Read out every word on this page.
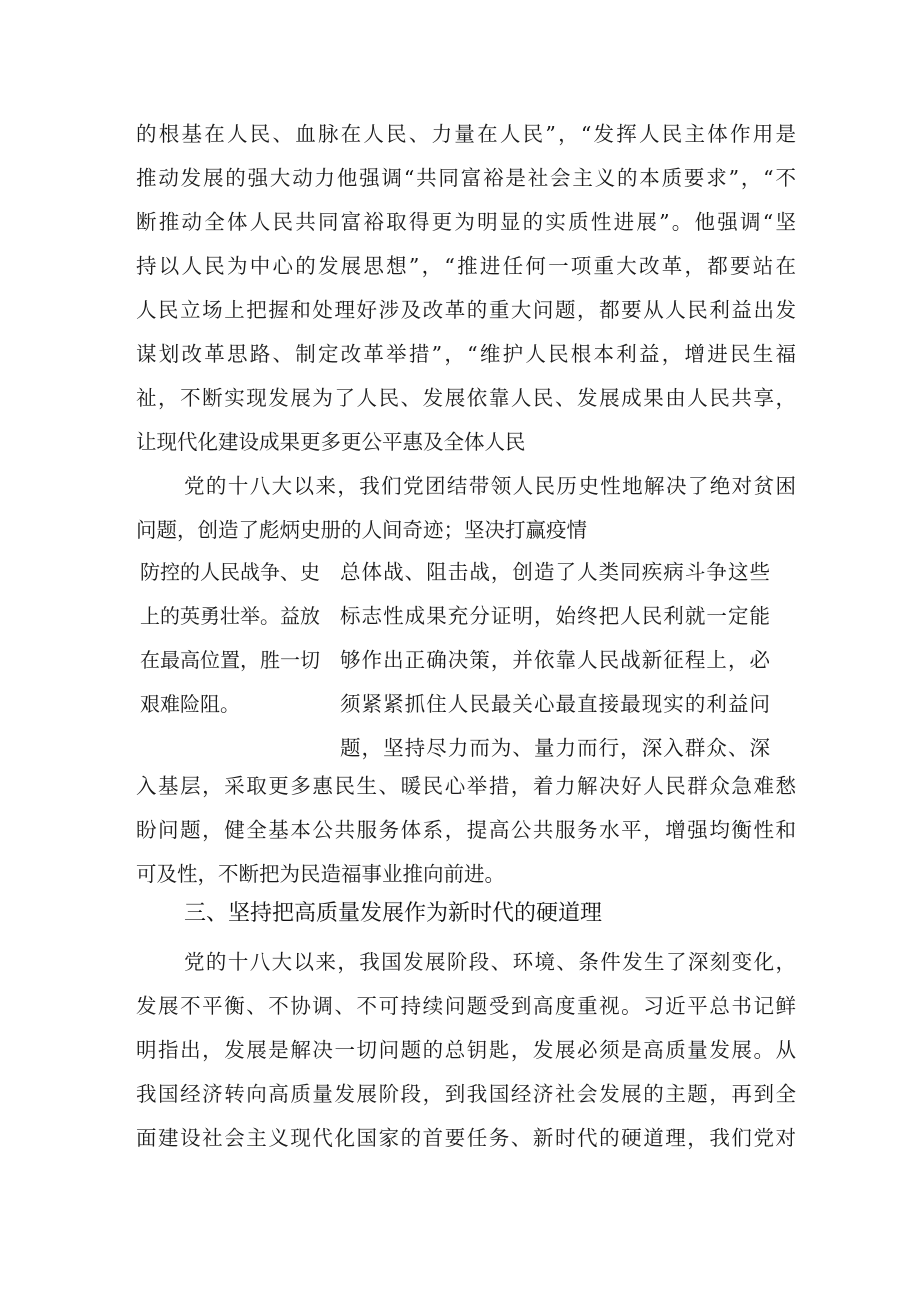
的根基在人民、血脉在人民、力量在人民”，“发挥人民主体作用是
推动发展的强大动力他强调“共同富裕是社会主义的本质要求”，“不
断推动全体人民共同富裕取得更为明显的实质性进展”。他强调“坚
持以人民为中心的发展思想”，“推进任何一项重大改革，都要站在
人民立场上把握和处理好涉及改革的重大问题，都要从人民利益出发
谋划改革思路、制定改革举措”，“维护人民根本利益，增进民生福
祉，不断实现发展为了人民、发展依靠人民、发展成果由人民共享，
让现代化建设成果更多更公平惠及全体人民
党的十八大以来，我们党团结带领人民历史性地解决了绝对贫困
问题，创造了彪炳史册的人间奇迹；坚决打赢疫情
防控的人民战争、史
上的英勇壮举。益放
在最高位置，胜一切
艰难险阻。
总体战、阻击战，创造了人类同疾病斗争这些
标志性成果充分证明，始终把人民利就一定能
够作出正确决策，并依靠人民战新征程上，必
须紧紧抓住人民最关心最直接最现实的利益问
题，坚持尽力而为、量力而行，深入群众、深
入基层，采取更多惠民生、暖民心举措，着力解决好人民群众急难愁
盼问题，健全基本公共服务体系，提高公共服务水平，增强均衡性和
可及性，不断把为民造福事业推向前进。
三、坚持把高质量发展作为新时代的硬道理
党的十八大以来，我国发展阶段、环境、条件发生了深刻变化，
发展不平衡、不协调、不可持续问题受到高度重视。习近平总书记鲜
明指出，发展是解决一切问题的总钥匙，发展必须是高质量发展。从
我国经济转向高质量发展阶段，到我国经济社会发展的主题，再到全
面建设社会主义现代化国家的首要任务、新时代的硬道理，我们党对
